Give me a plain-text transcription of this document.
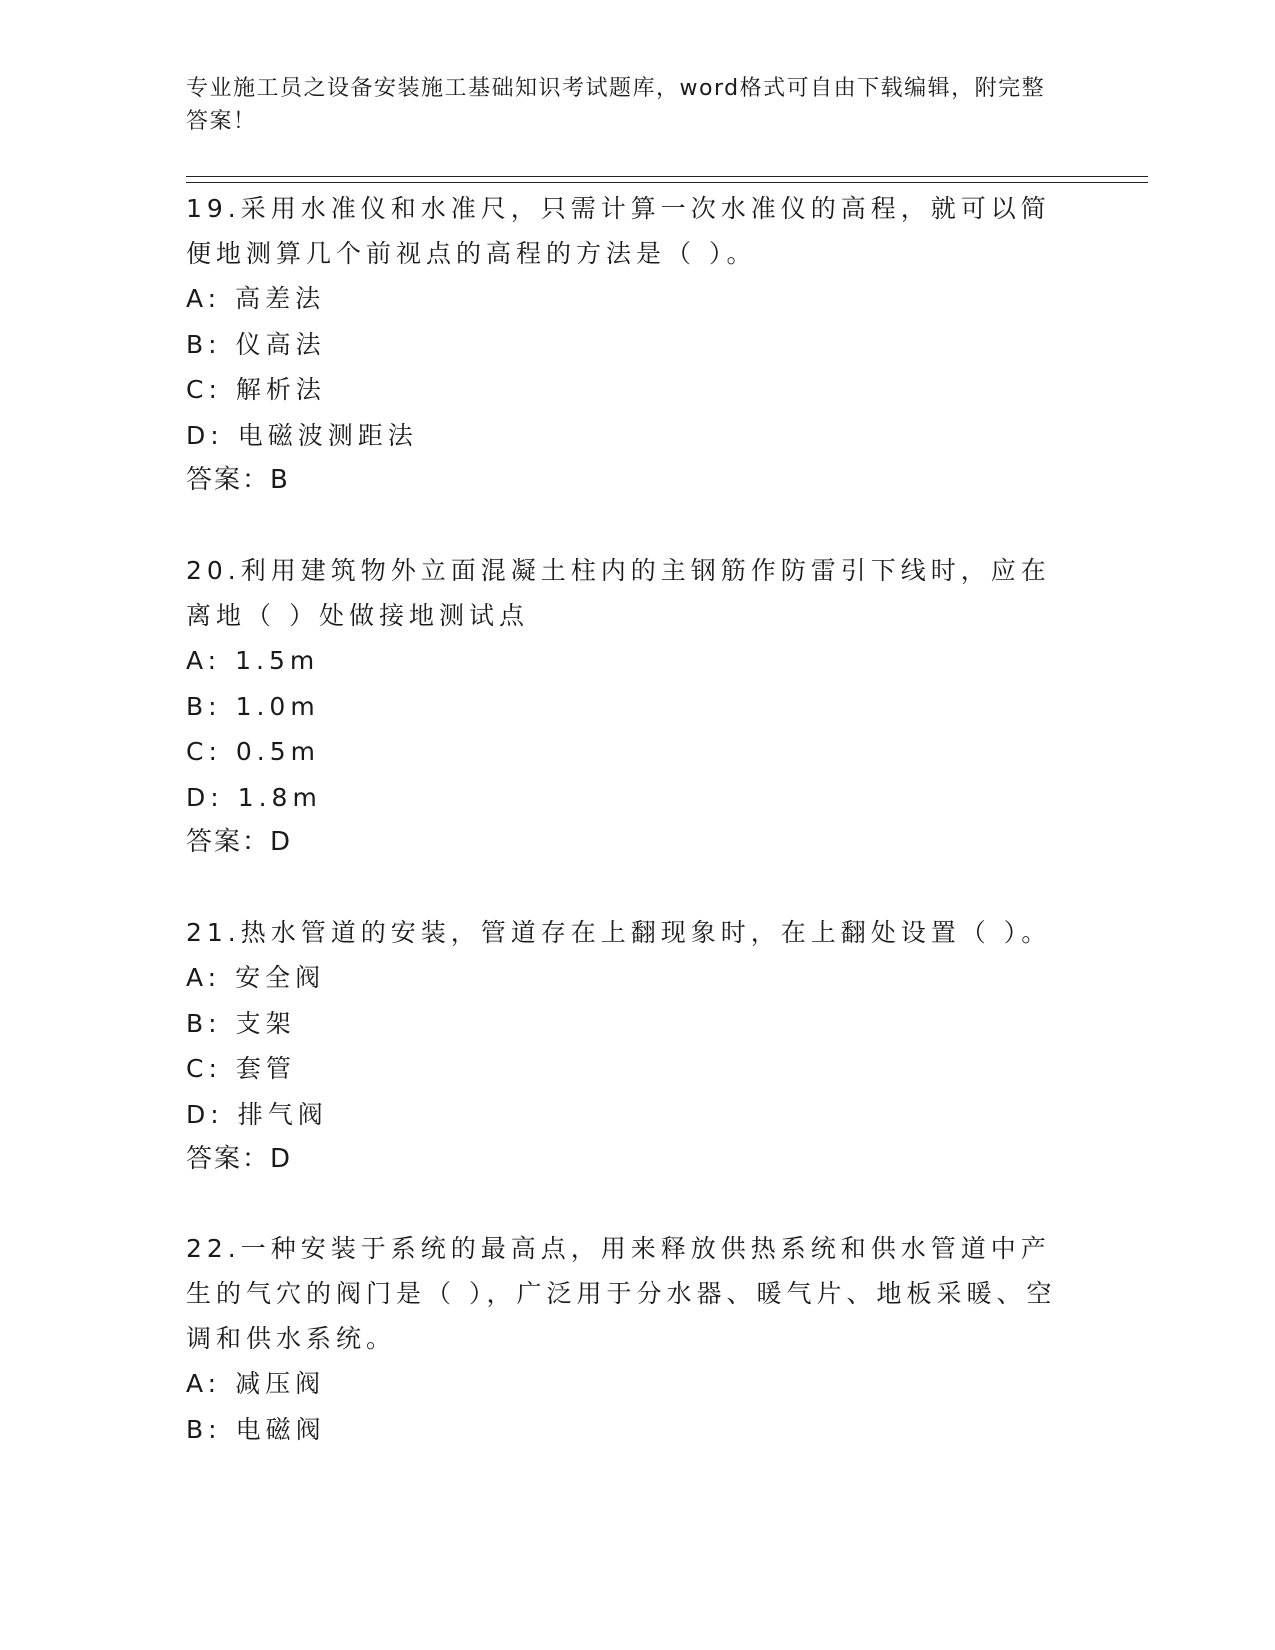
专业施工员之设备安装施工基础知识考试题库，word格式可自由下载编辑，附完整答案！

19.采用水准仪和水准尺，只需计算一次水准仪的高程，就可以简便地测算几个前视点的高程的方法是（ ）。

A: 高差法
B: 仪高法
C: 解析法
D: 电磁波测距法
答案：B

20.利用建筑物外立面混凝土柱内的主钢筋作防雷引下线时，应在离地（ ）处做接地测试点

A: 1.5m
B: 1.0m
C: 0.5m
D: 1.8m
答案：D

21.热水管道的安装，管道存在上翻现象时，在上翻处设置（ ）。

A: 安全阀
B: 支架
C: 套管
D: 排气阀
答案：D

22.一种安装于系统的最高点，用来释放供热系统和供水管道中产生的气穴的阀门是（ ），广泛用于分水器、暖气片、地板采暖、空调和供水系统。

A: 减压阀
B: 电磁阀
